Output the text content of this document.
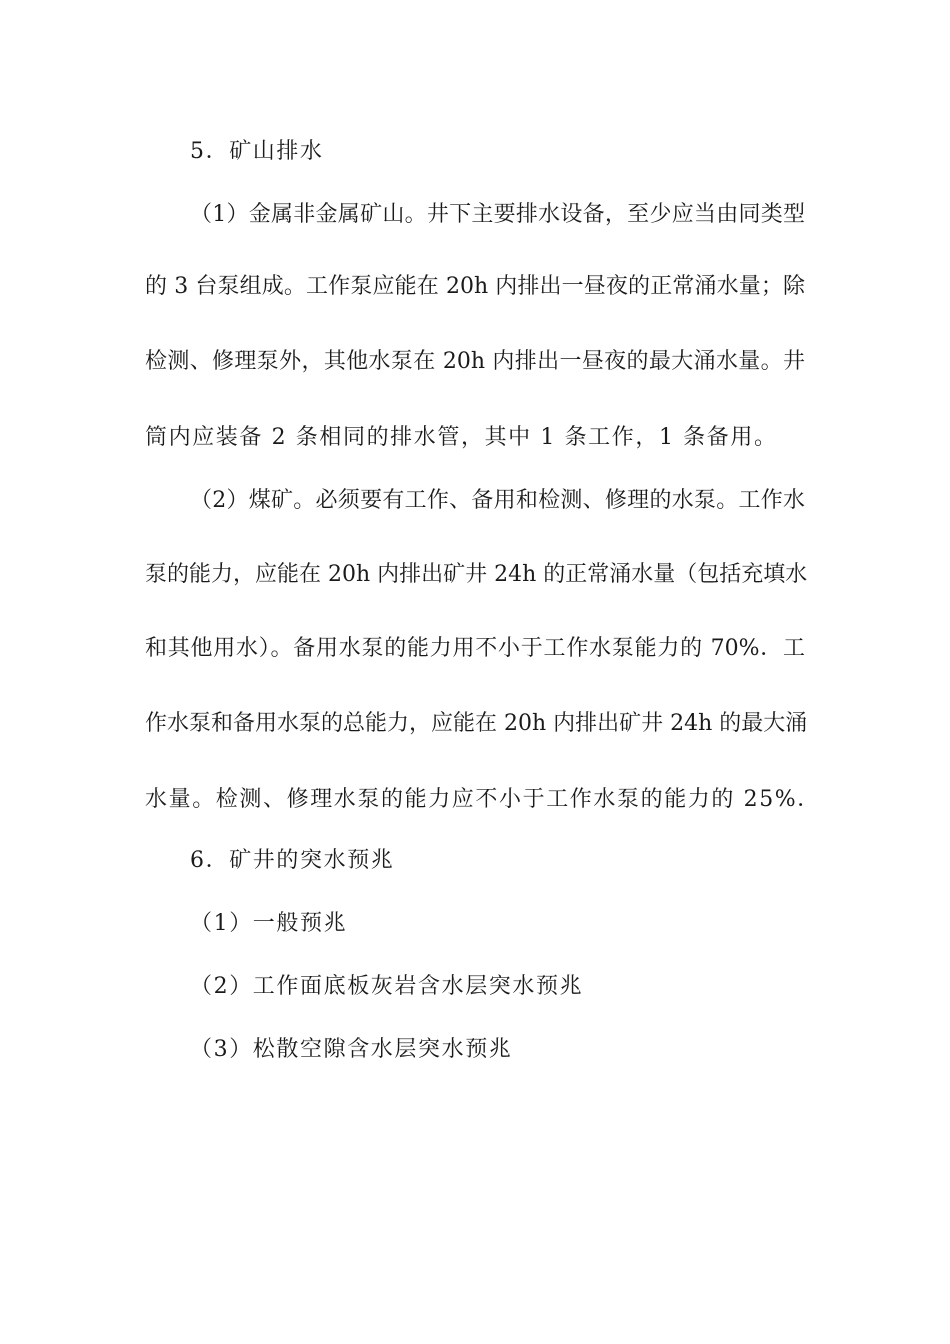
5．矿山排水
（1）金属非金属矿山。井下主要排水设备，至少应当由同类型
的 3 台泵组成。工作泵应能在 20h 内排出一昼夜的正常涌水量；除
检测、修理泵外，其他水泵在 20h 内排出一昼夜的最大涌水量。井
筒内应装备 2 条相同的排水管，其中 1 条工作，1 条备用。
（2）煤矿。必须要有工作、备用和检测、修理的水泵。工作水
泵的能力，应能在 20h 内排出矿井 24h 的正常涌水量（包括充填水
和其他用水）。备用水泵的能力用不小于工作水泵能力的 70%．工
作水泵和备用水泵的总能力，应能在 20h 内排出矿井 24h 的最大涌
水量。检测、修理水泵的能力应不小于工作水泵的能力的 25%．
6．矿井的突水预兆
（1）一般预兆
（2）工作面底板灰岩含水层突水预兆
（3）松散空隙含水层突水预兆
